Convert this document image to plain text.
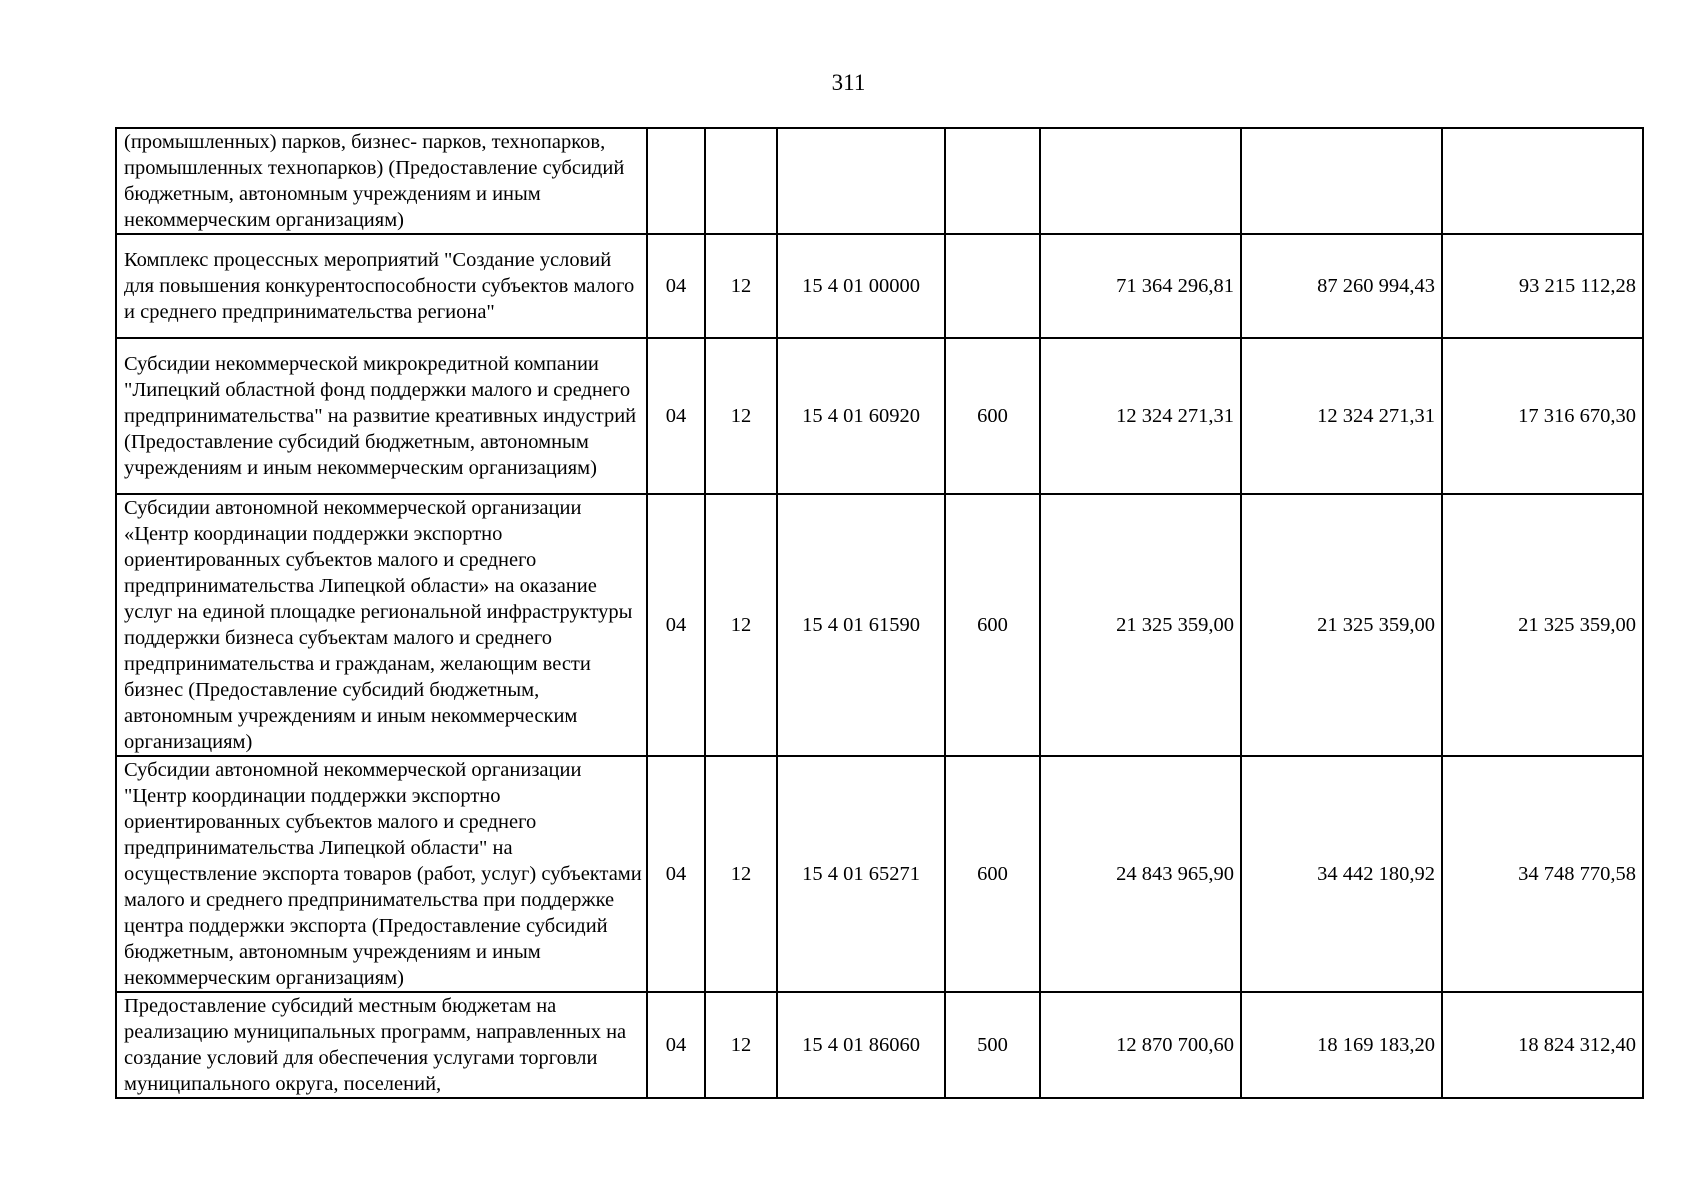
311
(промышленных) парков, бизнес- парков, технопарков, промышленных технопарков) (Предоставление субсидий бюджетным, автономным учреждениям и иным некоммерческим организациям)							
Комплекс процессных мероприятий "Создание условий для повышения конкурентоспособности субъектов малого и среднего предпринимательства региона"	04	12	15 4 01 00000		71 364 296,81	87 260 994,43	93 215 112,28
Субсидии некоммерческой микрокредитной компании "Липецкий областной фонд поддержки малого и среднего предпринимательства" на развитие креативных индустрий (Предоставление субсидий бюджетным, автономным учреждениям и иным некоммерческим организациям)	04	12	15 4 01 60920	600	12 324 271,31	12 324 271,31	17 316 670,30
Субсидии автономной некоммерческой организации «Центр координации поддержки экспортно ориентированных субъектов малого и среднего предпринимательства Липецкой области» на оказание услуг на единой площадке региональной инфраструктуры поддержки бизнеса субъектам малого и среднего предпринимательства и гражданам, желающим вести бизнес (Предоставление субсидий бюджетным, автономным учреждениям и иным некоммерческим организациям)	04	12	15 4 01 61590	600	21 325 359,00	21 325 359,00	21 325 359,00
Субсидии автономной некоммерческой организации "Центр координации поддержки экспортно ориентированных субъектов малого и среднего предпринимательства Липецкой области" на осуществление экспорта товаров (работ, услуг) субъектами малого и среднего предпринимательства при поддержке центра поддержки экспорта (Предоставление субсидий бюджетным, автономным учреждениям и иным некоммерческим организациям)	04	12	15 4 01 65271	600	24 843 965,90	34 442 180,92	34 748 770,58
Предоставление субсидий местным бюджетам на реализацию муниципальных программ, направленных на создание условий для обеспечения услугами торговли муниципального округа, поселений,	04	12	15 4 01 86060	500	12 870 700,60	18 169 183,20	18 824 312,40
